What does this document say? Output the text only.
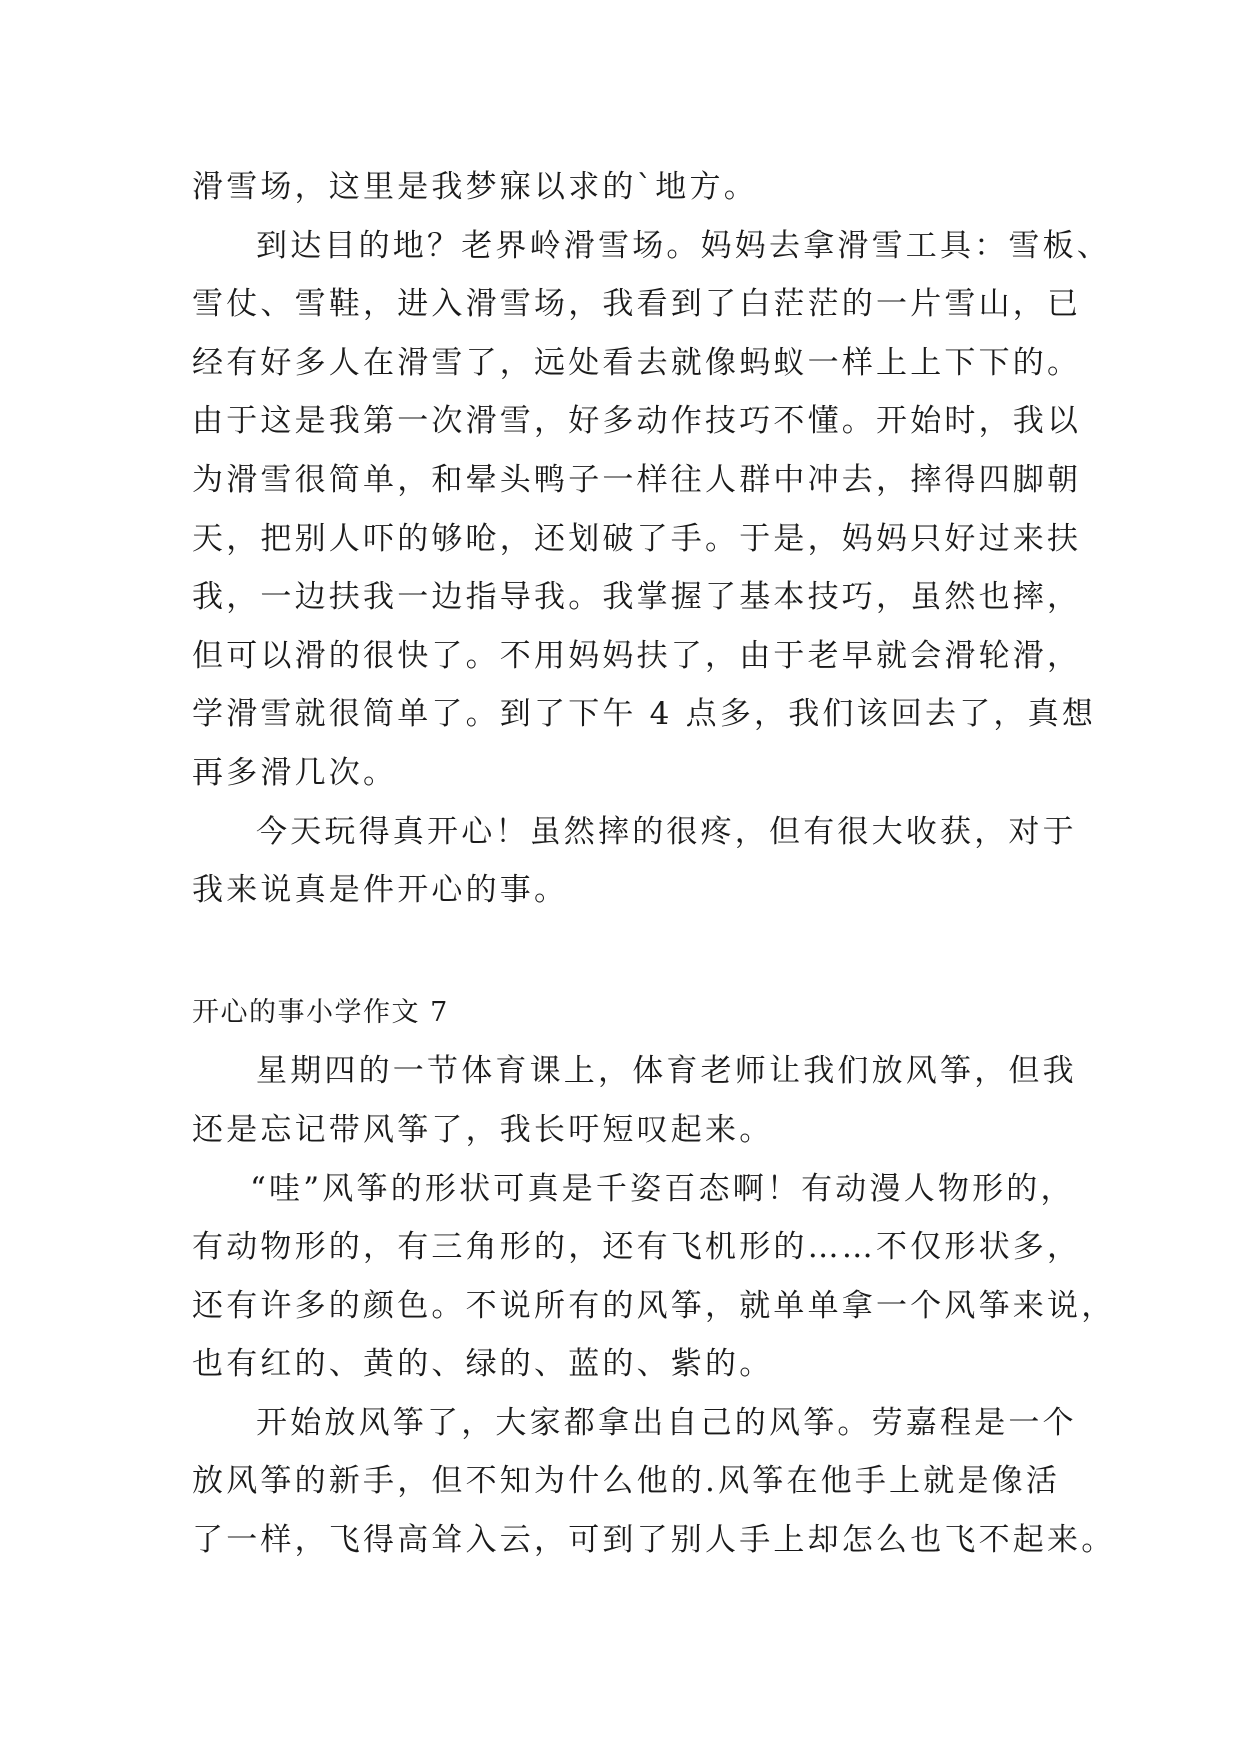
滑雪场，这里是我梦寐以求的`地方。

到达目的地？老界岭滑雪场。妈妈去拿滑雪工具：雪板、

雪仗、雪鞋，进入滑雪场，我看到了白茫茫的一片雪山，已

经有好多人在滑雪了，远处看去就像蚂蚁一样上上下下的。

由于这是我第一次滑雪，好多动作技巧不懂。开始时，我以

为滑雪很简单，和晕头鸭子一样往人群中冲去，摔得四脚朝

天，把别人吓的够呛，还划破了手。于是，妈妈只好过来扶

我，一边扶我一边指导我。我掌握了基本技巧，虽然也摔，

但可以滑的很快了。不用妈妈扶了，由于老早就会滑轮滑，

学滑雪就很简单了。到了下午 4 点多，我们该回去了，真想

再多滑几次。

今天玩得真开心！虽然摔的很疼，但有很大收获，对于

我来说真是件开心的事。

开心的事小学作文 7

星期四的一节体育课上，体育老师让我们放风筝，但我

还是忘记带风筝了，我长吁短叹起来。

“哇”风筝的形状可真是千姿百态啊！有动漫人物形的，

有动物形的，有三角形的，还有飞机形的……不仅形状多，

还有许多的颜色。不说所有的风筝，就单单拿一个风筝来说，

也有红的、黄的、绿的、蓝的、紫的。

开始放风筝了，大家都拿出自己的风筝。劳嘉程是一个

放风筝的新手，但不知为什么他的.风筝在他手上就是像活

了一样，飞得高耸入云，可到了别人手上却怎么也飞不起来。
